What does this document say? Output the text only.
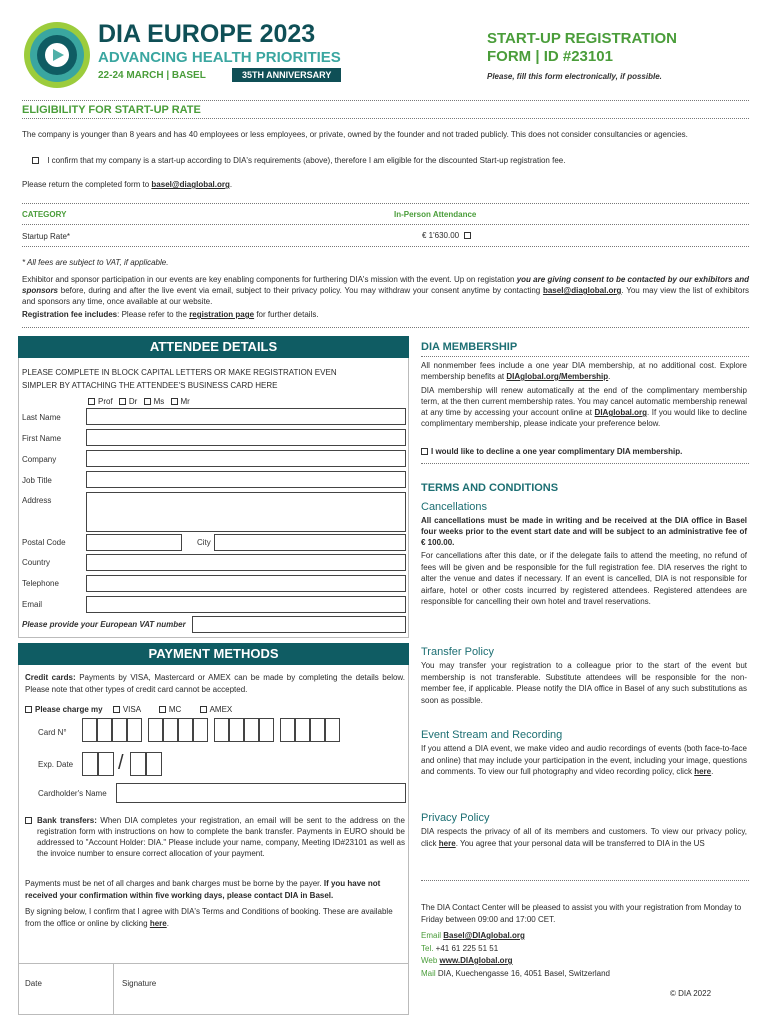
DIA EUROPE 2023
ADVANCING HEALTH PRIORITIES
22-24 MARCH | BASEL	35TH ANNIVERSARY
START-UP REGISTRATION
FORM | ID #23101
Please, fill this form electronically, if possible.
ELIGIBILITY FOR START-UP RATE
The company is younger than 8 years and has 40 employees or less employees, or private, owned by the founder and not traded publicly. This does not consider consultancies or agencies.
I confirm that my company is a start-up according to DIA's requirements (above), therefore I am eligible for the discounted Start-up registration fee.
Please return the completed form to basel@diaglobal.org.
CATEGORY	In-Person Attendance
Startup Rate*	€ 1'630.00
* All fees are subject to VAT, if applicable.
Exhibitor and sponsor participation in our events are key enabling components for furthering DIA's mission with the event. Up on registation you are giving consent to be contacted by our exhibitors and sponsors before, during and after the live event via email, subject to their privacy policy. You may withdraw your consent anytime by contacting basel@diaglobal.org. You may view the list of exhibitors and sponsors any time, once available at our website.
Registration fee includes: Please refer to the registration page for further details.
ATTENDEE DETAILS
PLEASE COMPLETE IN BLOCK CAPITAL LETTERS OR MAKE REGISTRATION EVEN
SIMPLER BY ATTACHING THE ATTENDEE'S BUSINESS CARD HERE
Prof Dr Ms Mr
Last Name
First Name
Company
Job Title
Address
Postal Code	City
Country
Telephone
Email
Please provide your European VAT number
PAYMENT METHODS
Credit cards: Payments by VISA, Mastercard or AMEX can be made by completing the details below. Please note that other types of credit card cannot be accepted.
Please charge my	VISA	MC	AMEX
Card N°
Exp. Date /
Cardholder's Name

Bank transfers: When DIA completes your registration, an email will be sent to the address on the registration form with instructions on how to complete the bank transfer. Payments in EURO should be addressed to "Account Holder: DIA." Please include your name, company, Meeting ID#23101 as well as the invoice number to ensure correct allocation of your payment.

Payments must be net of all charges and bank charges must be borne by the payer. If you have not received your confirmation within five working days, please contact DIA in Basel.
By signing below, I confirm that I agree with DIA's Terms and Conditions of booking. These are available from the office or online by clicking here.
Date	Signature
DIA MEMBERSHIP
All nonmember fees include a one year DIA membership, at no additional cost. Explore membership benefits at DIAglobal.org/Membership.
DIA membership will renew automatically at the end of the complimentary membership term, at the then current membership rates. You may cancel automatic membership renewal at any time by accessing your account online at DIAglobal.org. If you would like to decline complimentary membership, please indicate your preference below.
I would like to decline a one year complimentary DIA membership.
TERMS AND CONDITIONS
Cancellations
All cancellations must be made in writing and be received at the DIA office in Basel four weeks prior to the event start date and will be subject to an administrative fee of € 100.00.
For cancellations after this date, or if the delegate fails to attend the meeting, no refund of fees will be given and be responsible for the full registration fee. DIA reserves the right to alter the venue and dates if necessary. If an event is cancelled, DIA is not responsible for airfare, hotel or other costs incurred by registered attendees. Registered attendees are responsible for cancelling their own hotel and travel reservations.
Transfer Policy
You may transfer your registration to a colleague prior to the start of the event but membership is not transferable. Substitute attendees will be responsible for the non-member fee, if applicable. Please notify the DIA office in Basel of any such substitutions as soon as possible.
Event Stream and Recording
If you attend a DIA event, we make video and audio recordings of events (both face-to-face and online) that may include your participation in the event, including your image, questions and comments. To view our full photography and video recording policy, click here.
Privacy Policy
DIA respects the privacy of all of its members and customers. To view our privacy policy, click here. You agree that your personal data will be transferred to DIA in the US
The DIA Contact Center will be pleased to assist you with your registration from Monday to Friday between 09:00 and 17:00 CET.
Email Basel@DIAglobal.org
Tel. +41 61 225 51 51
Web www.DIAglobal.org
Mail DIA, Kuechengasse 16, 4051 Basel, Switzerland
© DIA 2022
